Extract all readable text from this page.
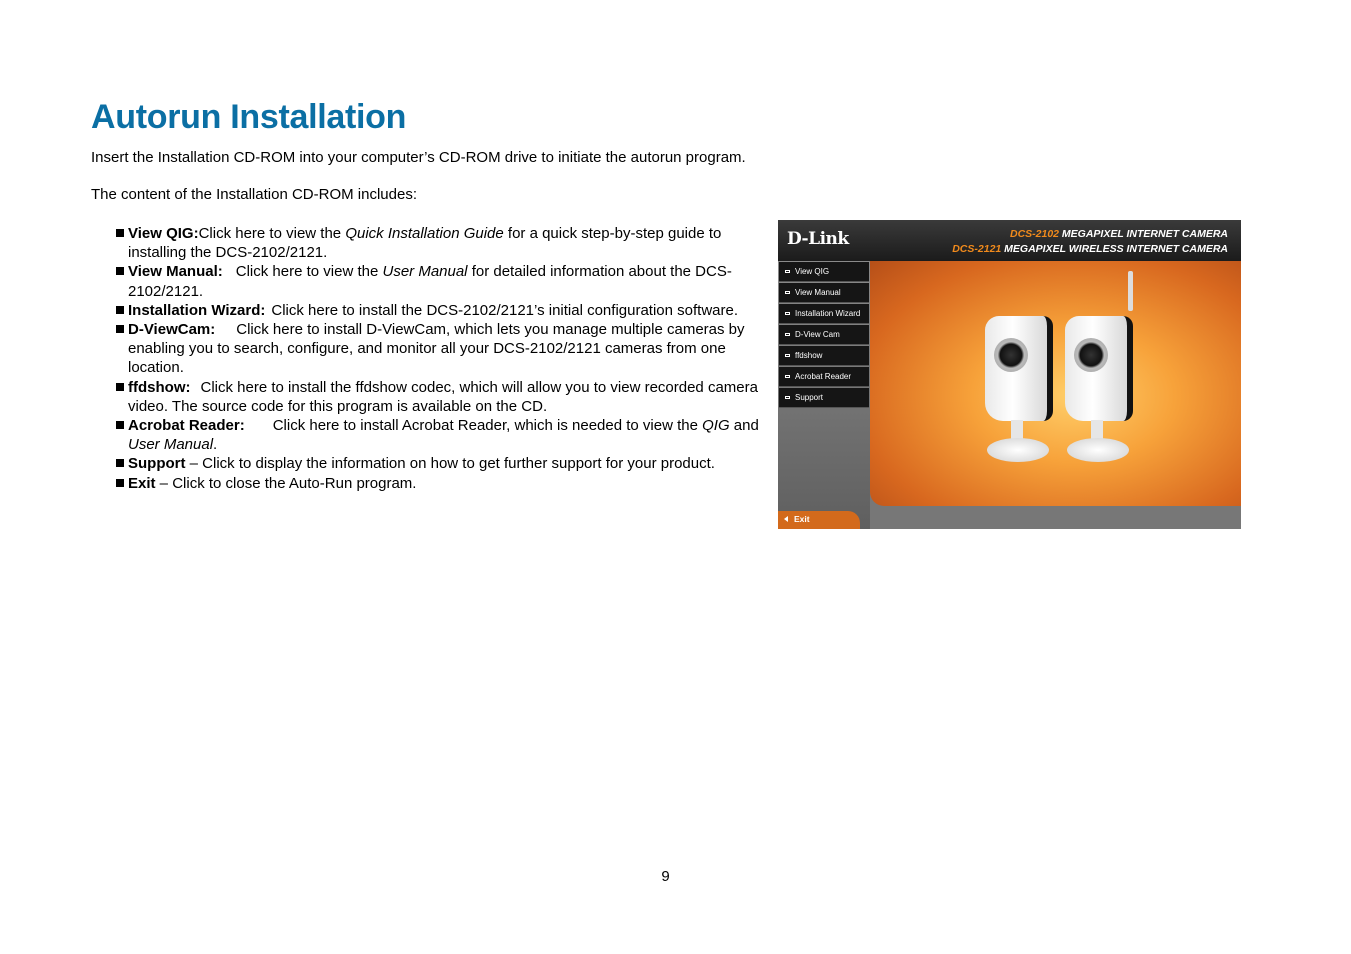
Autorun Installation

Insert the Installation CD-ROM into your computer’s CD-ROM drive to initiate the autorun program.

The content of the Installation CD-ROM includes:

View QIG:Click here to view the Quick Installation Guide for a quick step-by-step guide to installing the DCS-2102/2121.
View Manual: Click here to view the User Manual for detailed information about the DCS-2102/2121.
Installation Wizard: Click here to install the DCS-2102/2121’s initial configuration software.
D-ViewCam: Click here to install D-ViewCam, which lets you manage multiple cameras by enabling you to search, configure, and monitor all your DCS-2102/2121 cameras from one location.
ffdshow: Click here to install the ffdshow codec, which will allow you to view recorded camera video. The source code for this program is available on the CD.
Acrobat Reader: Click here to install Acrobat Reader, which is needed to view the QIG and User Manual.
Support – Click to display the information on how to get further support for your product.
Exit – Click to close the Auto-Run program.
D-Link	DCS-2102 MEGAPIXEL INTERNET CAMERA
DCS-2121 MEGAPIXEL WIRELESS INTERNET CAMERA
View QIG
View Manual
Installation Wizard
D-View Cam
ffdshow
Acrobat Reader
Support
Exit
9
